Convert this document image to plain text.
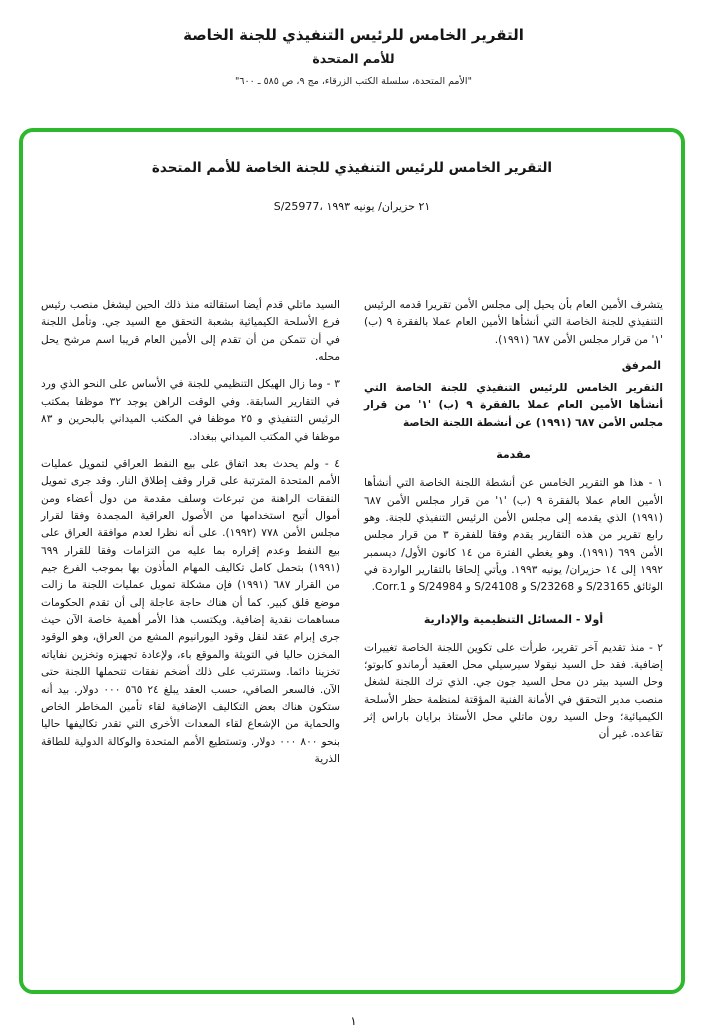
التقرير الخامس للرئيس التنفيذي للجنة الخاصة
للأمم المتحدة
"الأمم المتحدة، سلسلة الكتب الزرقاء، مج ٩، ص ٥٨٥ ـ ٦٠٠"
التقرير الخامس للرئيس التنفيذي للجنة الخاصة للأمم المتحدة
S/25977، ٢١ حزيران/ يونيه ١٩٩٣

يتشرف الأمين العام بأن يحيل إلى مجلس الأمن تقريرا قدمه الرئيس التنفيذي للجنة الخاصة التي أنشأها الأمين العام عملا بالفقرة ٩ (ب) '١' من قرار مجلس الأمن ٦٨٧ (١٩٩١).

المرفق

التقرير الخامس للرئيس التنفيذي للجنة الخاصة التي أنشأها الأمين العام عملا بالفقرة ٩ (ب) '١' من قرار مجلس الأمن ٦٨٧ (١٩٩١) عن أنشطة اللجنة الخاصة

مقدمة

١ - هذا هو التقرير الخامس عن أنشطة اللجنة الخاصة التي أنشأها الأمين العام عملا بالفقرة ٩ (ب) '١' من قرار مجلس الأمن ٦٨٧ (١٩٩١) الذي يقدمه إلى مجلس الأمن الرئيس التنفيذي للجنة. وهو رابع تقرير من هذه التقارير يقدم وفقا للفقرة ٣ من قرار مجلس الأمن ٦٩٩ (١٩٩١). وهو يغطي الفترة من ١٤ كانون الأول/ ديسمبر ١٩٩٢ إلى ١٤ حزيران/ يونيه ١٩٩٣. ويأتي إلحاقا بالتقارير الواردة في الوثائق S/23165 و S/23268 و S/24108 و S/24984 و Corr.1.

أولا - المسائل التنظيمية والإدارية

٢ - منذ تقديم آخر تقرير، طرأت على تكوين اللجنة الخاصة تغييرات إضافية. فقد حل السيد نيقولا سيرسيلي محل العقيد أرماندو كابوتو؛ وحل السيد بيتر دن محل السيد جون جي. الذي ترك اللجنة لشغل منصب مدير التحقق في الأمانة الفنية المؤقتة لمنظمة حظر الأسلحة الكيميائية؛ وحل السيد رون ماتلي محل الأستاذ برايان باراس إثر تقاعده. غير أن

السيد ماتلي قدم أيضا استقالته منذ ذلك الحين ليشغل منصب رئيس فرع الأسلحة الكيميائية بشعبة التحقق مع السيد جي. وتأمل اللجنة في أن تتمكن من أن تقدم إلى الأمين العام قريبا اسم مرشح يحل محله.

٣ - وما زال الهيكل التنظيمي للجنة في الأساس على النحو الذي ورد في التقارير السابقة. وفي الوقت الراهن يوجد ٣٢ موظفا بمكتب الرئيس التنفيذي و ٢٥ موظفا في المكتب الميداني بالبحرين و ٨٣ موظفا في المكتب الميداني ببغداد.

٤ - ولم يحدث بعد اتفاق على بيع النفط العراقي لتمويل عمليات الأمم المتحدة المترتبة على قرار وقف إطلاق النار. وقد جرى تمويل النفقات الراهنة من تبرعات وسلف مقدمة من دول أعضاء ومن أموال أتيح استخدامها من الأصول العراقية المجمدة وفقا لقرار مجلس الأمن ٧٧٨ (١٩٩٢). على أنه نظرا لعدم موافقة العراق على بيع النفط وعدم إقراره بما عليه من التزامات وفقا للقرار ٦٩٩ (١٩٩١) بتحمل كامل تكاليف المهام المأذون بها بموجب الفرع جيم من القرار ٦٨٧ (١٩٩١) فإن مشكلة تمويل عمليات اللجنة ما زالت موضع قلق كبير. كما أن هناك حاجة عاجلة إلى أن تقدم الحكومات مساهمات نقدية إضافية. ويكتسب هذا الأمر أهمية خاصة الآن حيث جرى إبرام عقد لنقل وقود اليورانيوم المشع من العراق، وهو الوقود المخزن حاليا في التويثة والموقع باء، ولإعادة تجهيزه وتخزين نفاياته تخزينا دائما. وستترتب على ذلك أضخم نفقات تتحملها اللجنة حتى الآن. فالسعر الصافي، حسب العقد يبلغ ٢٤ ٥٦٥ ٠٠٠ دولار. بيد أنه ستكون هناك بعض التكاليف الإضافية لقاء تأمين المخاطر الخاص والحماية من الإشعاع لقاء المعدات الأخرى التي تقدر تكاليفها حاليا بنحو ٨٠٠ ٠٠٠ دولار. وتستطيع الأمم المتحدة والوكالة الدولية للطاقة الذرية

١
